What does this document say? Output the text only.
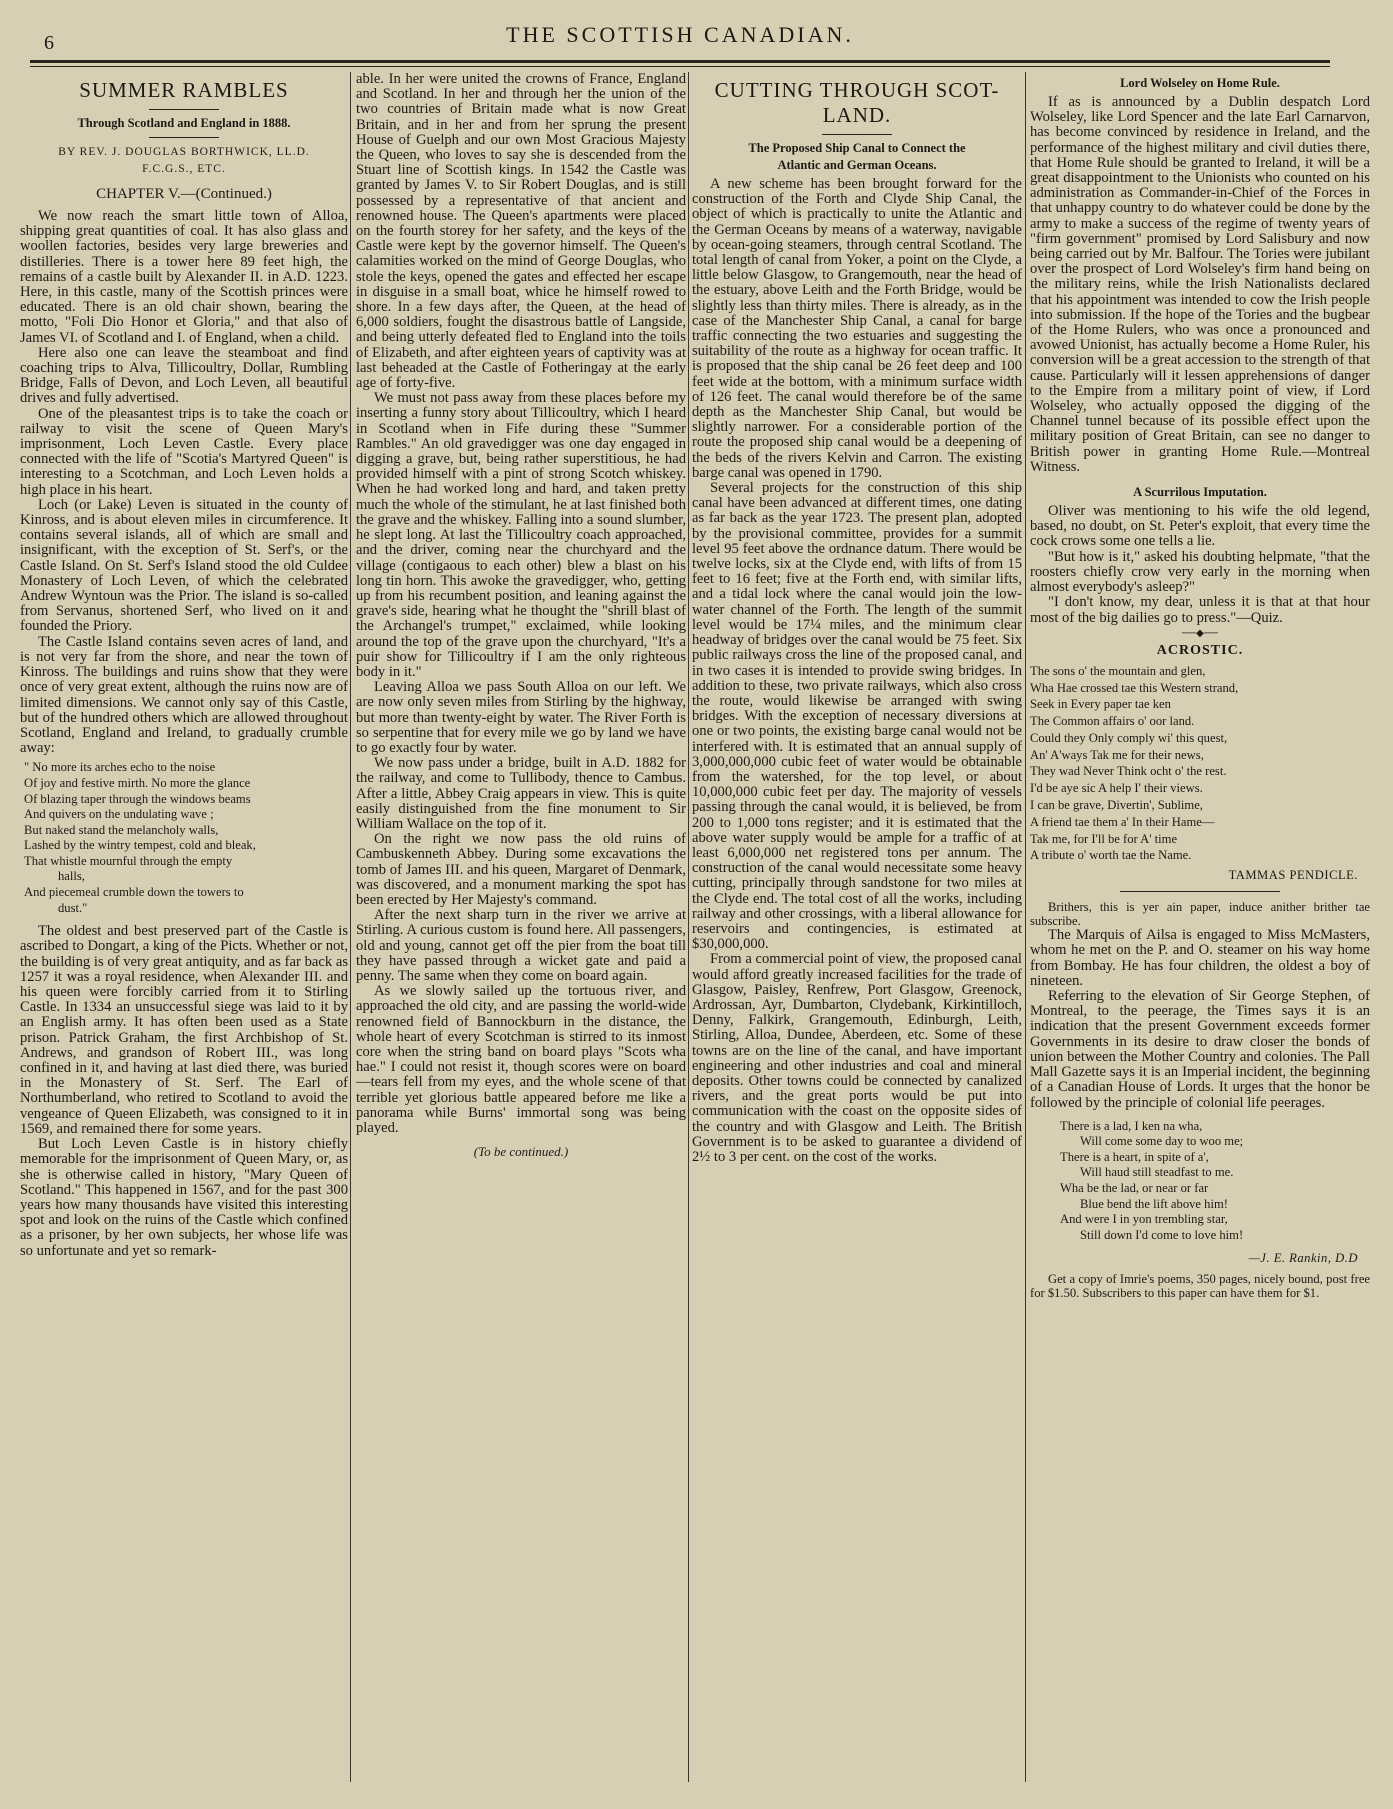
6	THE SCOTTISH CANADIAN.
SUMMER RAMBLES
Through Scotland and England in 1888.
BY REV. J. DOUGLAS BORTHWICK, LL.D.
F.C.G.S., ETC.
CHAPTER V.—(Continued.)

We now reach the smart little town of Alloa, shipping great quantities of coal. It has also glass and woollen factories, besides very large breweries and distilleries. There is a tower here 89 feet high, the remains of a castle built by Alexander II. in A.D. 1223. Here, in this castle, many of the Scottish princes were educated. There is an old chair shown, bearing the motto, "Foli Dio Honor et Gloria," and that also of James VI. of Scotland and I. of England, when a child.

Here also one can leave the steamboat and find coaching trips to Alva, Tillicoultry, Dollar, Rumbling Bridge, Falls of Devon, and Loch Leven, all beautiful drives and fully advertised.

One of the pleasantest trips is to take the coach or railway to visit the scene of Queen Mary's imprisonment, Loch Leven Castle. Every place connected with the life of "Scotia's Martyred Queen" is interesting to a Scotchman, and Loch Leven holds a high place in his heart.

Loch (or Lake) Leven is situated in the county of Kinross, and is about eleven miles in circumference. It contains several islands, all of which are small and insignificant, with the exception of St. Serf's, or the Castle Island. On St. Serf's Island stood the old Culdee Monastery of Loch Leven, of which the celebrated Andrew Wyntoun was the Prior. The island is so-called from Servanus, shortened Serf, who lived on it and founded the Priory.

The Castle Island contains seven acres of land, and is not very far from the shore, and near the town of Kinross. The buildings and ruins show that they were once of very great extent, although the ruins now are of limited dimensions. We cannot only say of this Castle, but of the hundred others which are allowed throughout Scotland, England and Ireland, to gradually crumble away:

" No more its arches echo to the noise
Of joy and festive mirth. No more the glance
Of blazing taper through the windows beams
And quivers on the undulating wave ;
But naked stand the melancholy walls,
Lashed by the wintry tempest, cold and bleak,
That whistle mournful through the empty
halls,
And piecemeal crumble down the towers to
dust."

The oldest and best preserved part of the Castle is ascribed to Dongart, a king of the Picts. Whether or not, the building is of very great antiquity, and as far back as 1257 it was a royal residence, when Alexander III. and his queen were forcibly carried from it to Stirling Castle. In 1334 an unsuccessful siege was laid to it by an English army. It has often been used as a State prison. Patrick Graham, the first Archbishop of St. Andrews, and grandson of Robert III., was long confined in it, and having at last died there, was buried in the Monastery of St. Serf. The Earl of Northumberland, who retired to Scotland to avoid the vengeance of Queen Elizabeth, was consigned to it in 1569, and remained there for some years.

But Loch Leven Castle is in history chiefly memorable for the imprisonment of Queen Mary, or, as she is otherwise called in history, "Mary Queen of Scotland." This happened in 1567, and for the past 300 years how many thousands have visited this interesting spot and look on the ruins of the Castle which confined as a prisoner, by her own subjects, her whose life was so unfortunate and yet so remark-

able. In her were united the crowns of France, England and Scotland. In her and through her the union of the two countries of Britain made what is now Great Britain, and in her and from her sprung the present House of Guelph and our own Most Gracious Majesty the Queen, who loves to say she is descended from the Stuart line of Scottish kings. In 1542 the Castle was granted by James V. to Sir Robert Douglas, and is still possessed by a representative of that ancient and renowned house. The Queen's apartments were placed on the fourth storey for her safety, and the keys of the Castle were kept by the governor himself. The Queen's calamities worked on the mind of George Douglas, who stole the keys, opened the gates and effected her escape in disguise in a small boat, whice he himself rowed to shore. In a few days after, the Queen, at the head of 6,000 soldiers, fought the disastrous battle of Langside, and being utterly defeated fled to England into the toils of Elizabeth, and after eighteen years of captivity was at last beheaded at the Castle of Fotheringay at the early age of forty-five.

We must not pass away from these places before my inserting a funny story about Tillicoultry, which I heard in Scotland when in Fife during these "Summer Rambles." An old gravedigger was one day engaged in digging a grave, but, being rather superstitious, he had provided himself with a pint of strong Scotch whiskey. When he had worked long and hard, and taken pretty much the whole of the stimulant, he at last finished both the grave and the whiskey. Falling into a sound slumber, he slept long. At last the Tillicoultry coach approached, and the driver, coming near the churchyard and the village (contigaous to each other) blew a blast on his long tin horn. This awoke the gravedigger, who, getting up from his recumbent position, and leaning against the grave's side, hearing what he thought the "shrill blast of the Archangel's trumpet," exclaimed, while looking around the top of the grave upon the churchyard, "It's a puir show for Tillicoultry if I am the only righteous body in it."

Leaving Alloa we pass South Alloa on our left. We are now only seven miles from Stirling by the highway, but more than twenty-eight by water. The River Forth is so serpentine that for every mile we go by land we have to go exactly four by water.

We now pass under a bridge, built in A.D. 1882 for the railway, and come to Tullibody, thence to Cambus. After a little, Abbey Craig appears in view. This is quite easily distinguished from the fine monument to Sir William Wallace on the top of it.

On the right we now pass the old ruins of Cambuskenneth Abbey. During some excavations the tomb of James III. and his queen, Margaret of Denmark, was discovered, and a monument marking the spot has been erected by Her Majesty's command.

After the next sharp turn in the river we arrive at Stirling. A curious custom is found here. All passengers, old and young, cannot get off the pier from the boat till they have passed through a wicket gate and paid a penny. The same when they come on board again.

As we slowly sailed up the tortuous river, and approached the old city, and are passing the world-wide renowned field of Bannockburn in the distance, the whole heart of every Scotchman is stirred to its inmost core when the string band on board plays "Scots wha hae." I could not resist it, though scores were on board—tears fell from my eyes, and the whole scene of that terrible yet glorious battle appeared before me like a panorama while Burns' immortal song was being played.

(To be continued.)
CUTTING THROUGH SCOT-
LAND.
The Proposed Ship Canal to Connect the
Atlantic and German Oceans.

A new scheme has been brought forward for the construction of the Forth and Clyde Ship Canal, the object of which is practically to unite the Atlantic and the German Oceans by means of a waterway, navigable by ocean-going steamers, through central Scotland. The total length of canal from Yoker, a point on the Clyde, a little below Glasgow, to Grangemouth, near the head of the estuary, above Leith and the Forth Bridge, would be slightly less than thirty miles. There is already, as in the case of the Manchester Ship Canal, a canal for barge traffic connecting the two estuaries and suggesting the suitability of the route as a highway for ocean traffic. It is proposed that the ship canal be 26 feet deep and 100 feet wide at the bottom, with a minimum surface width of 126 feet. The canal would therefore be of the same depth as the Manchester Ship Canal, but would be slightly narrower. For a considerable portion of the route the proposed ship canal would be a deepening of the beds of the rivers Kelvin and Carron. The existing barge canal was opened in 1790.

Several projects for the construction of this ship canal have been advanced at different times, one dating as far back as the year 1723. The present plan, adopted by the provisional committee, provides for a summit level 95 feet above the ordnance datum. There would be twelve locks, six at the Clyde end, with lifts of from 15 feet to 16 feet; five at the Forth end, with similar lifts, and a tidal lock where the canal would join the low-water channel of the Forth. The length of the summit level would be 17¼ miles, and the minimum clear headway of bridges over the canal would be 75 feet. Six public railways cross the line of the proposed canal, and in two cases it is intended to provide swing bridges. In addition to these, two private railways, which also cross the route, would likewise be arranged with swing bridges. With the exception of necessary diversions at one or two points, the existing barge canal would not be interfered with. It is estimated that an annual supply of 3,000,000,000 cubic feet of water would be obtainable from the watershed, for the top level, or about 10,000,000 cubic feet per day. The majority of vessels passing through the canal would, it is believed, be from 200 to 1,000 tons register; and it is estimated that the above water supply would be ample for a traffic of at least 6,000,000 net registered tons per annum. The construction of the canal would necessitate some heavy cutting, principally through sandstone for two miles at the Clyde end. The total cost of all the works, including railway and other crossings, with a liberal allowance for reservoirs and contingencies, is estimated at $30,000,000.

From a commercial point of view, the proposed canal would afford greatly increased facilities for the trade of Glasgow, Paisley, Renfrew, Port Glasgow, Greenock, Ardrossan, Ayr, Dumbarton, Clydebank, Kirkintilloch, Denny, Falkirk, Grangemouth, Edinburgh, Leith, Stirling, Alloa, Dundee, Aberdeen, etc. Some of these towns are on the line of the canal, and have important engineering and other industries and coal and mineral deposits. Other towns could be connected by canalized rivers, and the great ports would be put into communication with the coast on the opposite sides of the country and with Glasgow and Leith. The British Government is to be asked to guarantee a dividend of 2½ to 3 per cent. on the cost of the works.

Lord Wolseley on Home Rule.

If as is announced by a Dublin despatch Lord Wolseley, like Lord Spencer and the late Earl Carnarvon, has become convinced by residence in Ireland, and the performance of the highest military and civil duties there, that Home Rule should be granted to Ireland, it will be a great disappointment to the Unionists who counted on his administration as Commander-in-Chief of the Forces in that unhappy country to do whatever could be done by the army to make a success of the regime of twenty years of "firm government" promised by Lord Salisbury and now being carried out by Mr. Balfour. The Tories were jubilant over the prospect of Lord Wolseley's firm hand being on the military reins, while the Irish Nationalists declared that his appointment was intended to cow the Irish people into submission. If the hope of the Tories and the bugbear of the Home Rulers, who was once a pronounced and avowed Unionist, has actually become a Home Ruler, his conversion will be a great accession to the strength of that cause. Particularly will it lessen apprehensions of danger to the Empire from a military point of view, if Lord Wolseley, who actually opposed the digging of the Channel tunnel because of its possible effect upon the military position of Great Britain, can see no danger to British power in granting Home Rule.—Montreal Witness.

A Scurrilous Imputation.

Oliver was mentioning to his wife the old legend, based, no doubt, on St. Peter's exploit, that every time the cock crows some one tells a lie.

"But how is it," asked his doubting helpmate, "that the roosters chiefly crow very early in the morning when almost everybody's asleep?"

"I don't know, my dear, unless it is that at that hour most of the big dailies go to press."—Quiz.

──◆──
ACROSTIC.
The sons o' the mountain and glen,
Wha Hae crossed tae this Western strand,
Seek in Every paper tae ken
The Common affairs o' oor land.
Could they Only comply wi' this quest,
An' A'ways Tak me for their news,
They wad Never Think ocht o' the rest.
I'd be aye sic A help I' their views.
I can be grave, Divertin', Sublime,
A friend tae them a' In their Hame—
Tak me, for I'll be for A' time
A tribute o' worth tae the Name.
TAMMAS PENDICLE.

Brithers, this is yer ain paper, induce anither brither tae subscribe.

The Marquis of Ailsa is engaged to Miss McMasters, whom he met on the P. and O. steamer on his way home from Bombay. He has four children, the oldest a boy of nineteen.

Referring to the elevation of Sir George Stephen, of Montreal, to the peerage, the Times says it is an indication that the present Government exceeds former Governments in its desire to draw closer the bonds of union between the Mother Country and colonies. The Pall Mall Gazette says it is an Imperial incident, the beginning of a Canadian House of Lords. It urges that the honor be followed by the principle of colonial life peerages.

There is a lad, I ken na wha,
Will come some day to woo me;
There is a heart, in spite of a',
Will haud still steadfast to me.
Wha be the lad, or near or far
Blue bend the lift above him!
And were I in yon trembling star,
Still down I'd come to love him!
—J. E. Rankin, D.D

Get a copy of Imrie's poems, 350 pages, nicely bound, post free for $1.50. Subscribers to this paper can have them for $1.
